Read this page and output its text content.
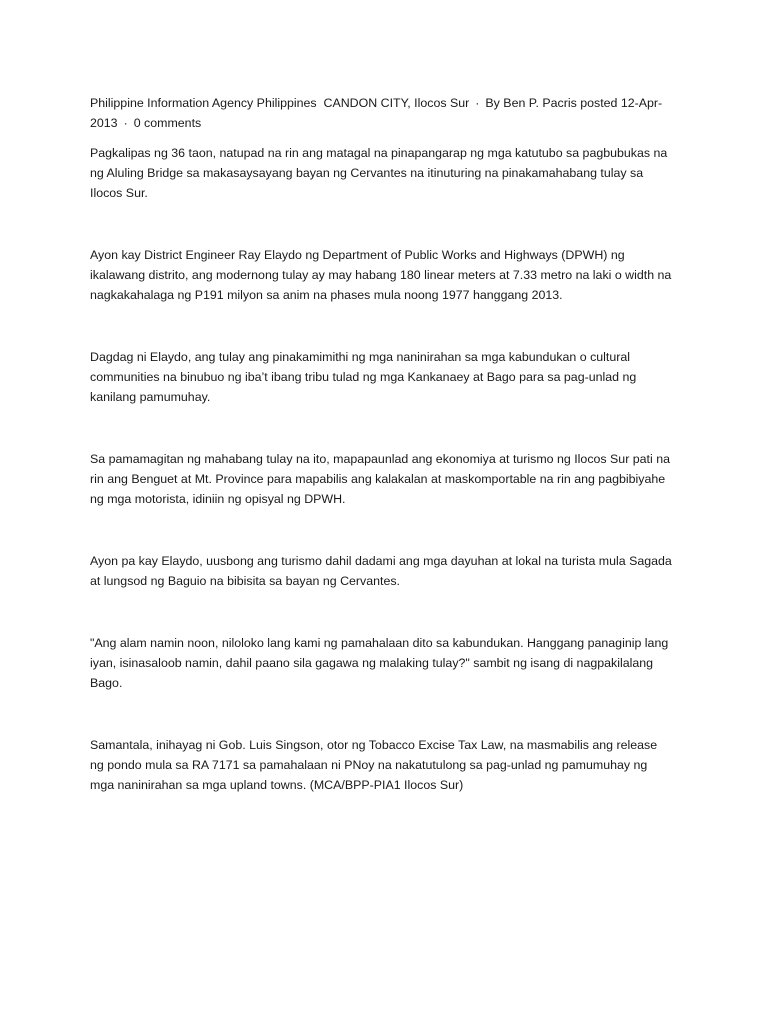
Philippine Information Agency Philippines CANDON CITY, Ilocos Sur · By Ben P. Pacris posted 12-Apr-2013 · 0 comments

Pagkalipas ng 36 taon, natupad na rin ang matagal na pinapangarap ng mga katutubo sa pagbubukas na ng Aluling Bridge sa makasaysayang bayan ng Cervantes na itinuturing na pinakamahabang tulay sa Ilocos Sur.

Ayon kay District Engineer Ray Elaydo ng Department of Public Works and Highways (DPWH) ng ikalawang distrito, ang modernong tulay ay may habang 180 linear meters at 7.33 metro na laki o width na nagkakahalaga ng P191 milyon sa anim na phases mula noong 1977 hanggang 2013.

Dagdag ni Elaydo, ang tulay ang pinakamimithi ng mga naninirahan sa mga kabundukan o cultural communities na binubuo ng iba’t ibang tribu tulad ng mga Kankanaey at Bago para sa pag-unlad ng kanilang pamumuhay.

Sa pamamagitan ng mahabang tulay na ito, mapapaunlad ang ekonomiya at turismo ng Ilocos Sur pati na rin ang Benguet at Mt. Province para mapabilis ang kalakalan at maskomportable na rin ang pagbibiyahe ng mga motorista, idiniin ng opisyal ng DPWH.

Ayon pa kay Elaydo, uusbong ang turismo dahil dadami ang mga dayuhan at lokal na turista mula Sagada at lungsod ng Baguio na bibisita sa bayan ng Cervantes.

"Ang alam namin noon, nilolokо lang kami ng pamahalaan dito sa kabundukan. Hanggang panaginip lang iyan, isinasaloob namin, dahil paano sila gagawa ng malaking tulay?" sambit ng isang di nagpakilalang Bago.

Samantala, inihayag ni Gob. Luis Singson, otor ng Tobacco Excise Tax Law, na masmabilis ang release ng pondo mula sa RA 7171 sa pamahalaan ni PNoy na nakatutulong sa pag-unlad ng pamumuhay ng mga naninirahan sa mga upland towns. (MCA/BPP-PIA1 Ilocos Sur)
